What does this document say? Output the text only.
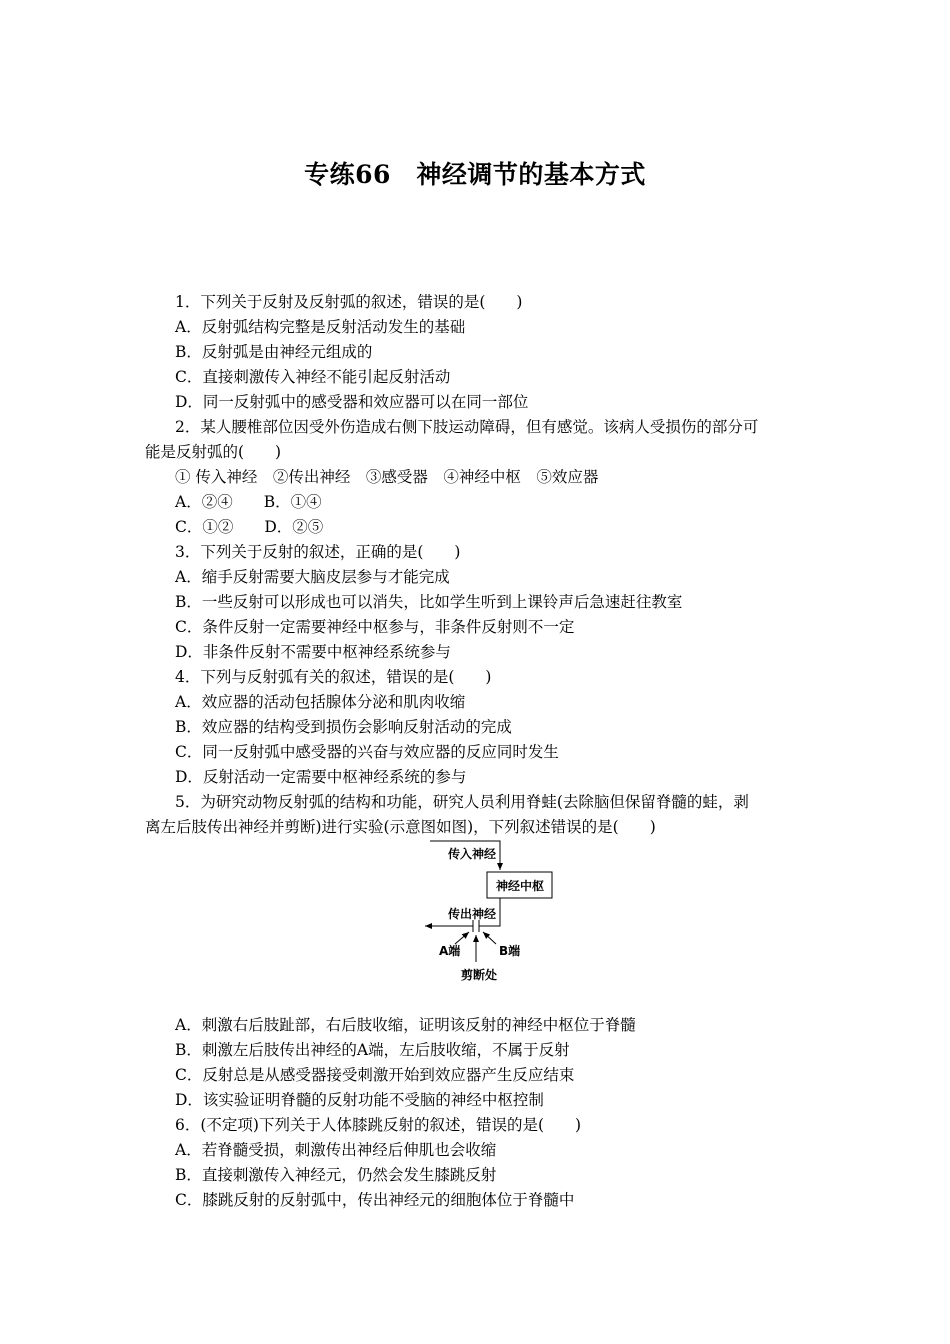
专练66　神经调节的基本方式
1．下列关于反射及反射弧的叙述，错误的是(　　)
A．反射弧结构完整是反射活动发生的基础
B．反射弧是由神经元组成的
C．直接刺激传入神经不能引起反射活动
D．同一反射弧中的感受器和效应器可以在同一部位
2．某人腰椎部位因受外伤造成右侧下肢运动障碍，但有感觉。该病人受损伤的部分可
能是反射弧的(　　)
① 传入神经　②传出神经　③感受器　④神经中枢　⑤效应器
A．②④　　B．①④
C．①②　　D．②⑤
3．下列关于反射的叙述，正确的是(　　)
A．缩手反射需要大脑皮层参与才能完成
B．一些反射可以形成也可以消失，比如学生听到上课铃声后急速赶往教室
C．条件反射一定需要神经中枢参与，非条件反射则不一定
D．非条件反射不需要中枢神经系统参与
4．下列与反射弧有关的叙述，错误的是(　　)
A．效应器的活动包括腺体分泌和肌肉收缩
B．效应器的结构受到损伤会影响反射活动的完成
C．同一反射弧中感受器的兴奋与效应器的反应同时发生
D．反射活动一定需要中枢神经系统的参与
5．为研究动物反射弧的结构和功能，研究人员利用脊蛙(去除脑但保留脊髓的蛙，剥
离左后肢传出神经并剪断)进行实验(示意图如图)，下列叙述错误的是(　　)
传入神经
神经中枢
传出神经
A端	B端
剪断处
A．刺激右后肢趾部，右后肢收缩，证明该反射的神经中枢位于脊髓
B．刺激左后肢传出神经的A端，左后肢收缩，不属于反射
C．反射总是从感受器接受刺激开始到效应器产生反应结束
D．该实验证明脊髓的反射功能不受脑的神经中枢控制
6．(不定项)下列关于人体膝跳反射的叙述，错误的是(　　)
A．若脊髓受损，刺激传出神经后伸肌也会收缩
B．直接刺激传入神经元，仍然会发生膝跳反射
C．膝跳反射的反射弧中，传出神经元的细胞体位于脊髓中
